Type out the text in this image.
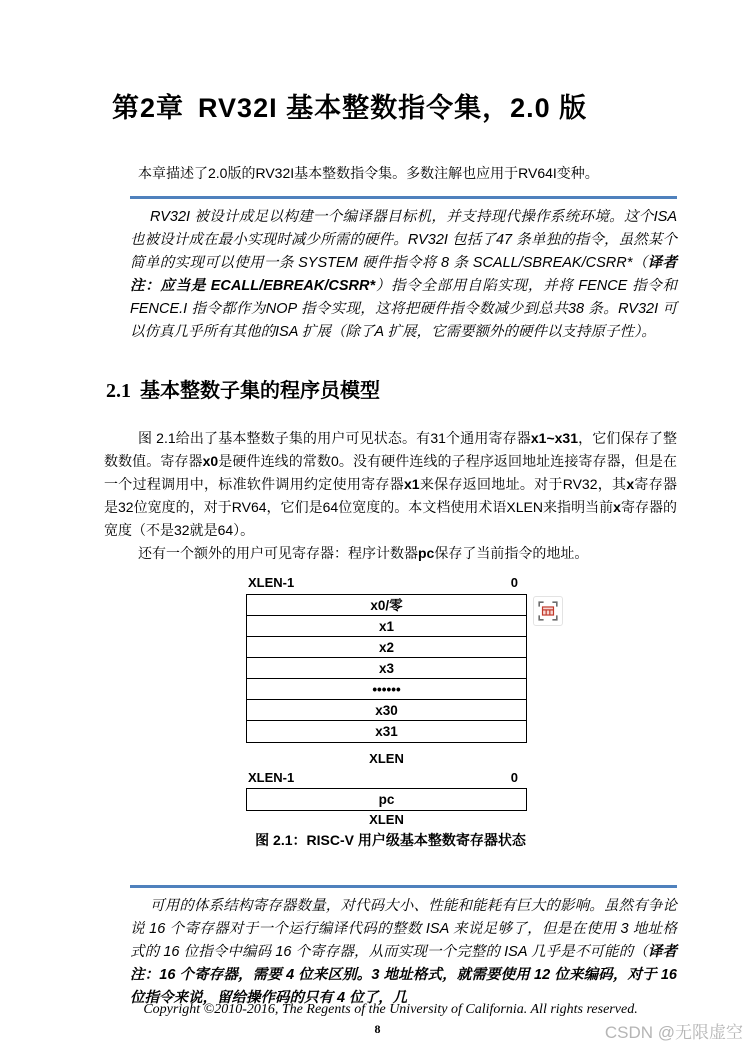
第2章 RV32I 基本整数指令集，2.0 版

本章描述了2.0版的RV32I基本整数指令集。多数注解也应用于RV64I变种。

RV32I 被设计成足以构建一个编译器目标机，并支持现代操作系统环境。这个ISA 也被设计成在最小实现时减少所需的硬件。RV32I 包括了47 条单独的指令，虽然某个简单的实现可以使用一条 SYSTEM 硬件指令将 8 条 SCALL/SBREAK/CSRR*（译者注：应当是 ECALL/EBREAK/CSRR*）指令全部用自陷实现，并将 FENCE 指令和FENCE.I 指令都作为NOP 指令实现，这将把硬件指令数减少到总共38 条。RV32I 可以仿真几乎所有其他的ISA 扩展（除了A 扩展，它需要额外的硬件以支持原子性）。
2.1 基本整数子集的程序员模型

图 2.1给出了基本整数子集的用户可见状态。有31个通用寄存器x1~x31，它们保存了整数数值。寄存器x0是硬件连线的常数0。没有硬件连线的子程序返回地址连接寄存器，但是在一个过程调用中，标准软件调用约定使用寄存器x1来保存返回地址。对于RV32，其x寄存器是32位宽度的，对于RV64，它们是64位宽度的。本文档使用术语XLEN来指明当前x寄存器的宽度（不是32就是64）。

还有一个额外的用户可见寄存器：程序计数器pc保存了当前指令的地址。

XLEN-1	0
x0/零
x1
x2
x3
••••••
x30
x31
XLEN
XLEN-1	0
pc
XLEN
图 2.1：RISC-V 用户级基本整数寄存器状态
可用的体系结构寄存器数量，对代码大小、性能和能耗有巨大的影响。虽然有争论说 16 个寄存器对于一个运行编译代码的整数 ISA 来说足够了，但是在使用 3 地址格式的 16 位指令中编码 16 个寄存器，从而实现一个完整的 ISA 几乎是不可能的（译者注：16 个寄存器，需要 4 位来区别。3 地址格式，就需要使用 12 位来编码，对于 16 位指令来说，留给操作码的只有 4 位了，几
Copyright ©2010-2016, The Regents of the University of California. All rights reserved.
8	CSDN @无限虚空
